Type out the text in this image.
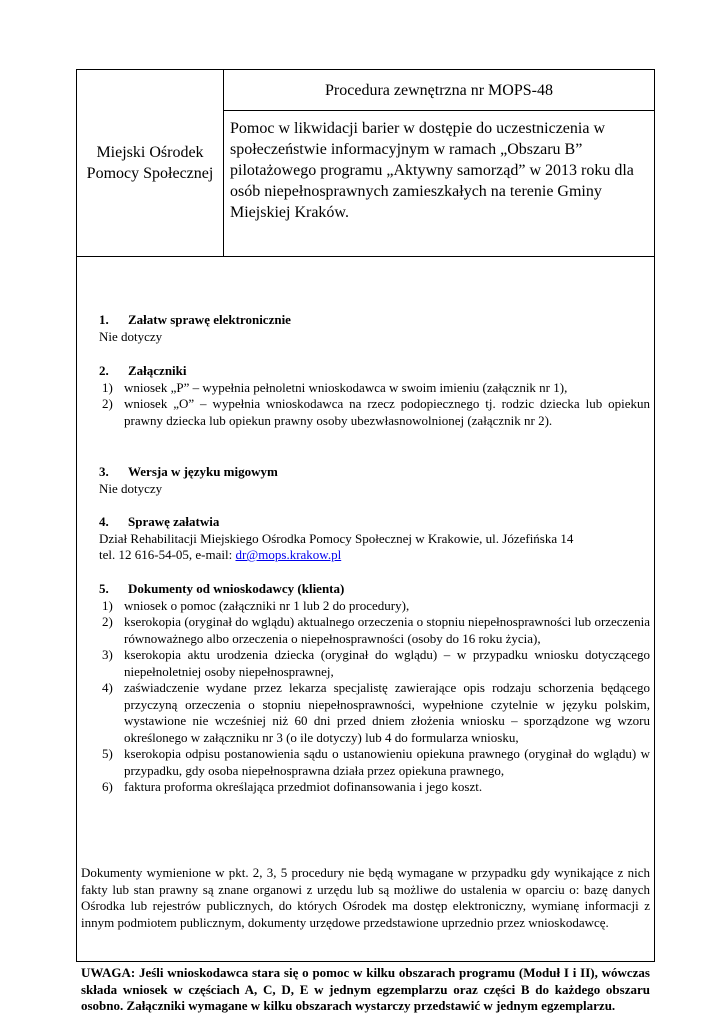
Miejski Ośrodek Pomocy Społecznej
Procedura zewnętrzna nr MOPS-48
Pomoc w likwidacji barier w dostępie do uczestniczenia w społeczeństwie informacyjnym w ramach „Obszaru B” pilotażowego programu „Aktywny samorząd” w 2013 roku dla osób niepełnosprawnych zamieszkałych na terenie Gminy Miejskiej Kraków.
1. Załatw sprawę elektronicznie
Nie dotyczy
2. Załączniki
1) wniosek „P” – wypełnia pełnoletni wnioskodawca w swoim imieniu (załącznik nr 1),
2) wniosek „O” – wypełnia wnioskodawca na rzecz podopiecznego tj. rodzic dziecka lub opiekun prawny dziecka lub opiekun prawny osoby ubezwłasnowolnionej (załącznik nr 2).
3. Wersja w języku migowym
Nie dotyczy
4. Sprawę załatwia
Dział Rehabilitacji Miejskiego Ośrodka Pomocy Społecznej w Krakowie, ul. Józefińska 14
tel. 12 616-54-05, e-mail: dr@mops.krakow.pl
5. Dokumenty od wnioskodawcy (klienta)
1) wniosek o pomoc (załączniki nr 1 lub 2 do procedury),
2) kserokopia (oryginał do wglądu) aktualnego orzeczenia o stopniu niepełnosprawności lub orzeczenia równoważnego albo orzeczenia o niepełnosprawności (osoby do 16 roku życia),
3) kserokopia aktu urodzenia dziecka (oryginał do wglądu) – w przypadku wniosku dotyczącego niepełnoletniej osoby niepełnosprawnej,
4) zaświadczenie wydane przez lekarza specjalistę zawierające opis rodzaju schorzenia będącego przyczyną orzeczenia o stopniu niepełnosprawności, wypełnione czytelnie w języku polskim, wystawione nie wcześniej niż 60 dni przed dniem złożenia wniosku – sporządzone wg wzoru określonego w załączniku nr 3 (o ile dotyczy) lub 4 do formularza wniosku,
5) kserokopia odpisu postanowienia sądu o ustanowieniu opiekuna prawnego (oryginał do wglądu) w przypadku, gdy osoba niepełnosprawna działa przez opiekuna prawnego,
6) faktura proforma określająca przedmiot dofinansowania i jego koszt.
Dokumenty wymienione w pkt. 2, 3, 5 procedury nie będą wymagane w przypadku gdy wynikające z nich fakty lub stan prawny są znane organowi z urzędu lub są możliwe do ustalenia w oparciu o: bazę danych Ośrodka lub rejestrów publicznych, do których Ośrodek ma dostęp elektroniczny, wymianę informacji z innym podmiotem publicznym, dokumenty urzędowe przedstawione uprzednio przez wnioskodawcę.
UWAGA: Jeśli wnioskodawca stara się o pomoc w kilku obszarach programu (Moduł I i II), wówczas składa wniosek w częściach A, C, D, E w jednym egzemplarzu oraz części B do każdego obszaru osobno. Załączniki wymagane w kilku obszarach wystarczy przedstawić w jednym egzemplarzu.
